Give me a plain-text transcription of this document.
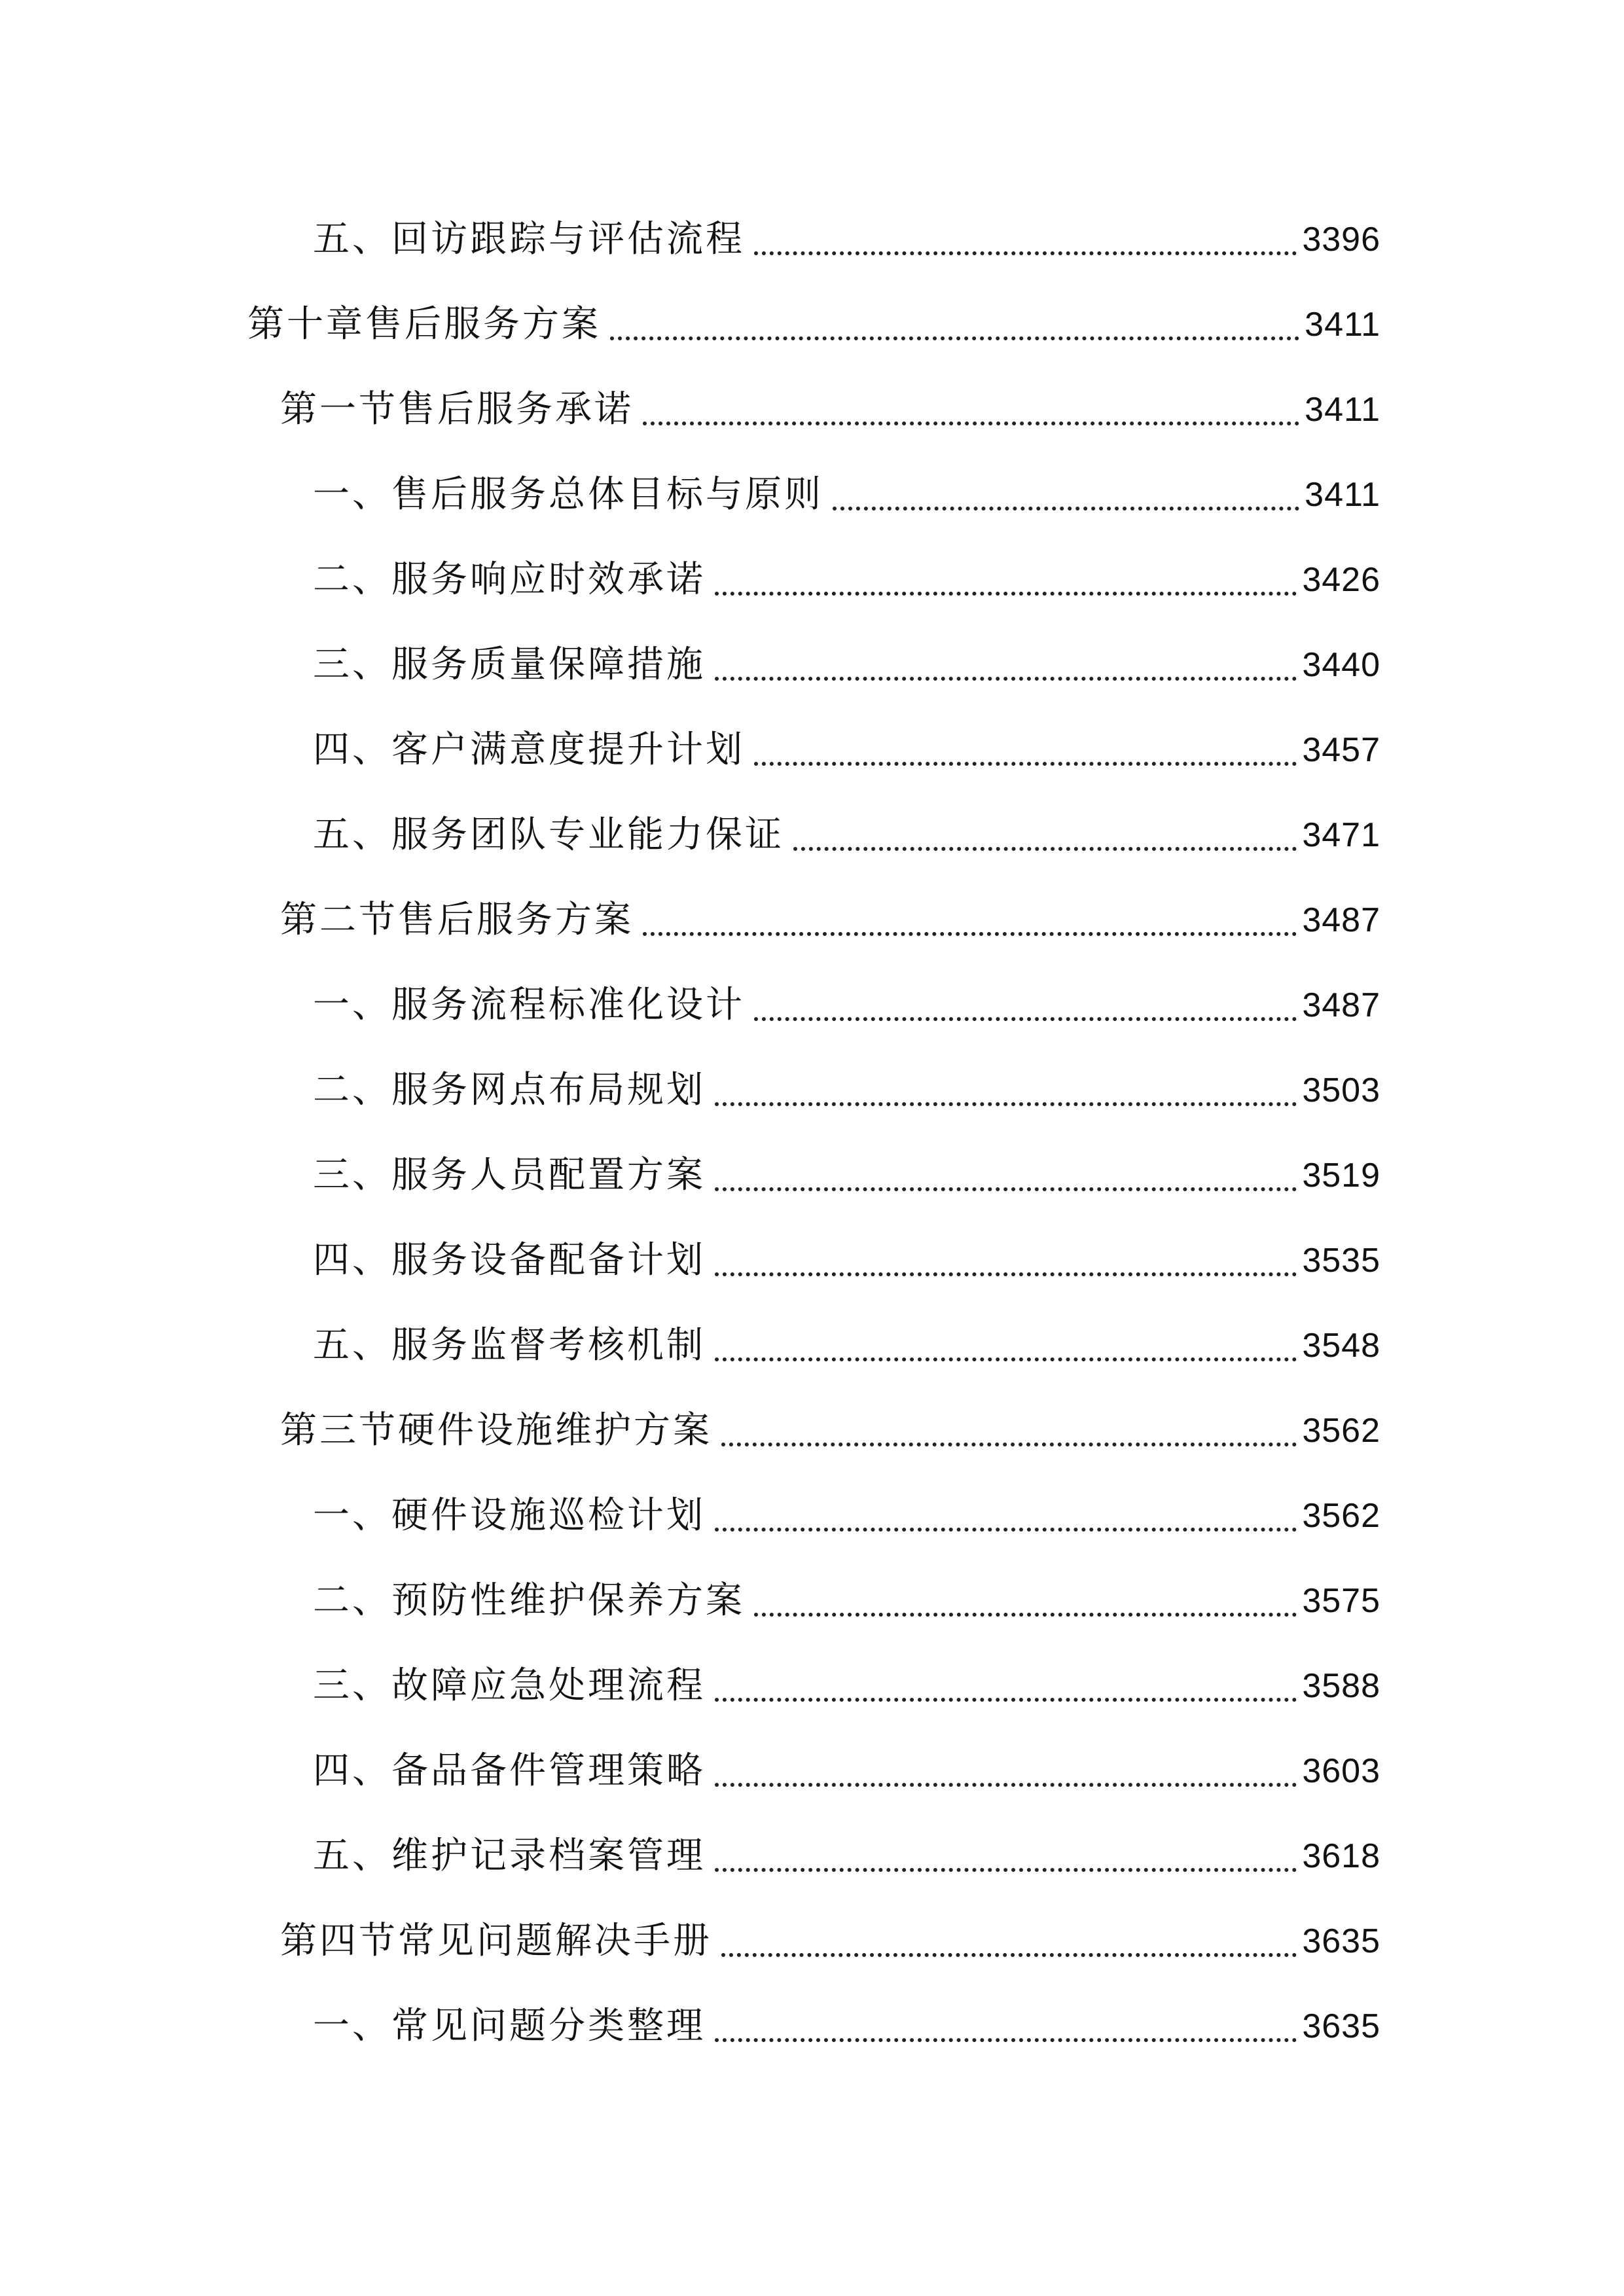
五、回访跟踪与评估流程	3396
第十章售后服务方案	3411
第一节售后服务承诺	3411
一、售后服务总体目标与原则	3411
二、服务响应时效承诺	3426
三、服务质量保障措施	3440
四、客户满意度提升计划	3457
五、服务团队专业能力保证	3471
第二节售后服务方案	3487
一、服务流程标准化设计	3487
二、服务网点布局规划	3503
三、服务人员配置方案	3519
四、服务设备配备计划	3535
五、服务监督考核机制	3548
第三节硬件设施维护方案	3562
一、硬件设施巡检计划	3562
二、预防性维护保养方案	3575
三、故障应急处理流程	3588
四、备品备件管理策略	3603
五、维护记录档案管理	3618
第四节常见问题解决手册	3635
一、常见问题分类整理	3635
